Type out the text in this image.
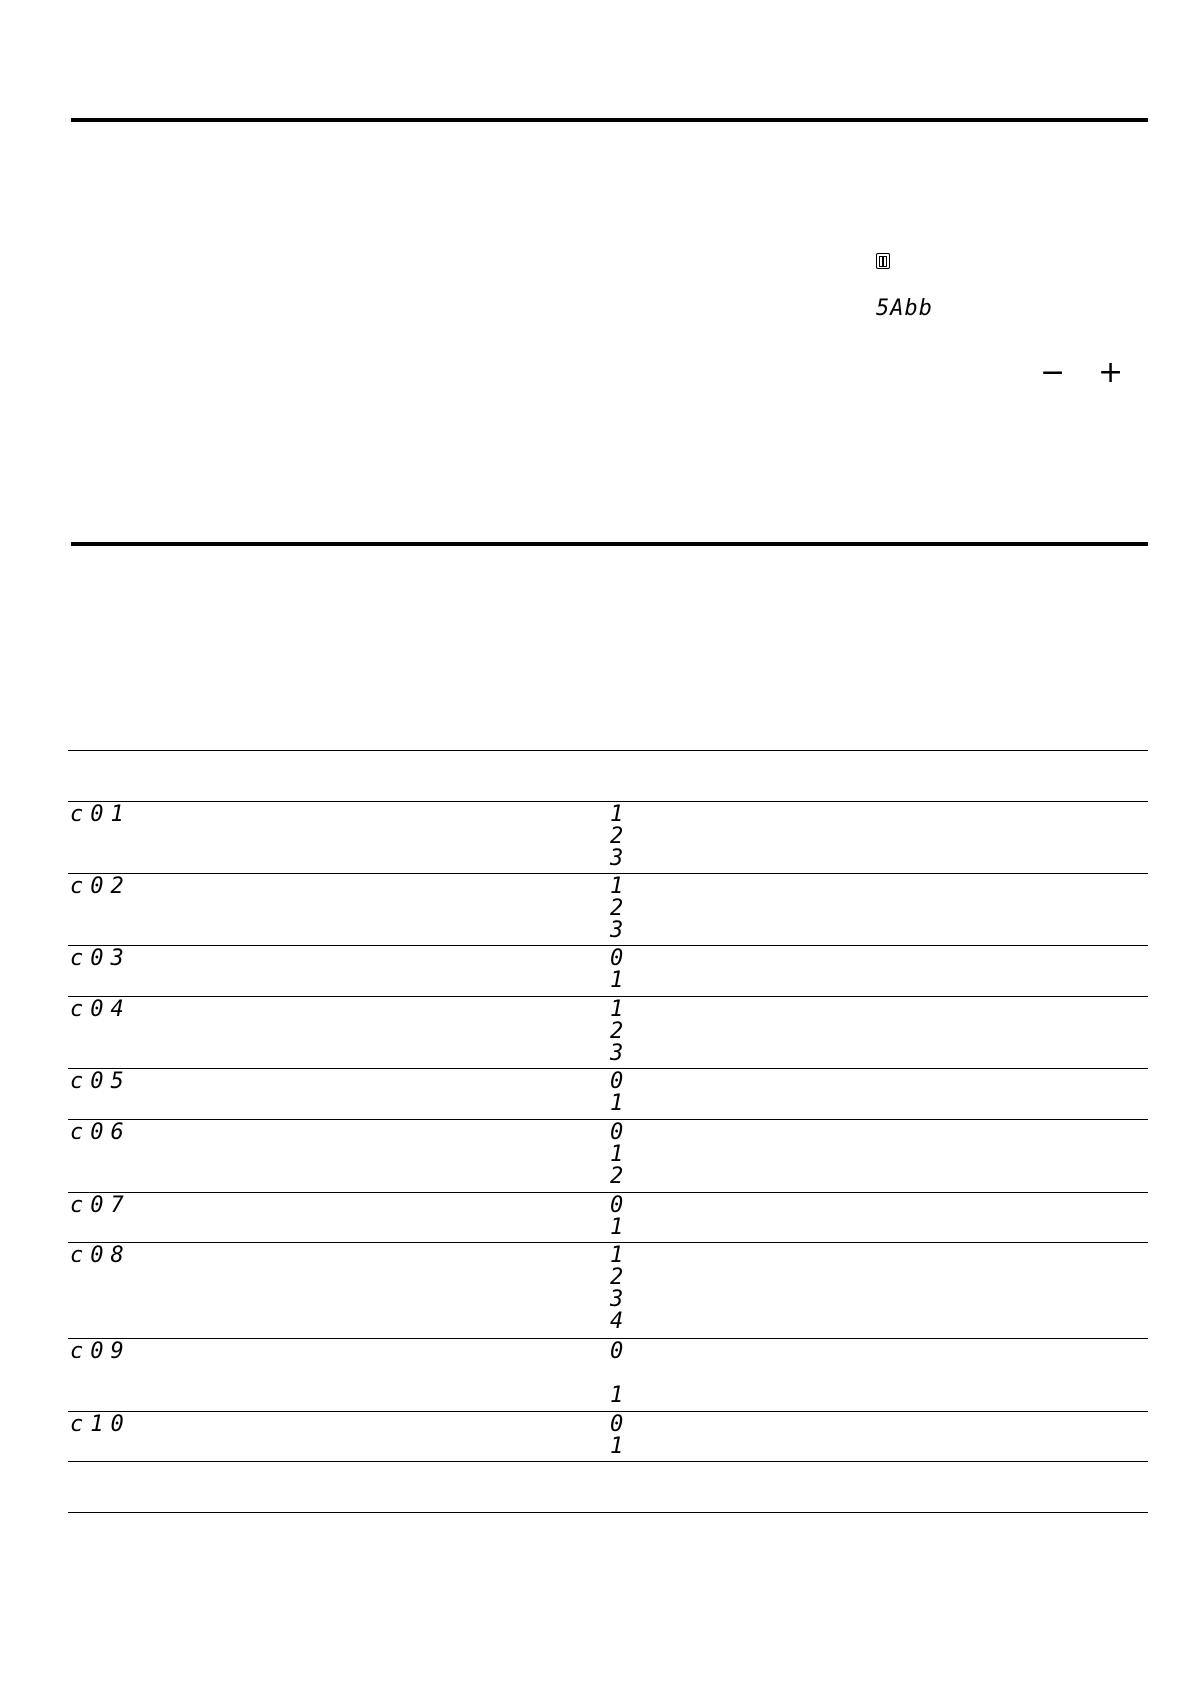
5Abb
− +
c01	1
2
3
c02	1
2
3
c03	0
1
c04	1
2
3
c05	0
1
c06	0
1
2
c07	0
1
c08	1
2
3
4
c09	0
1
c10	0
1
